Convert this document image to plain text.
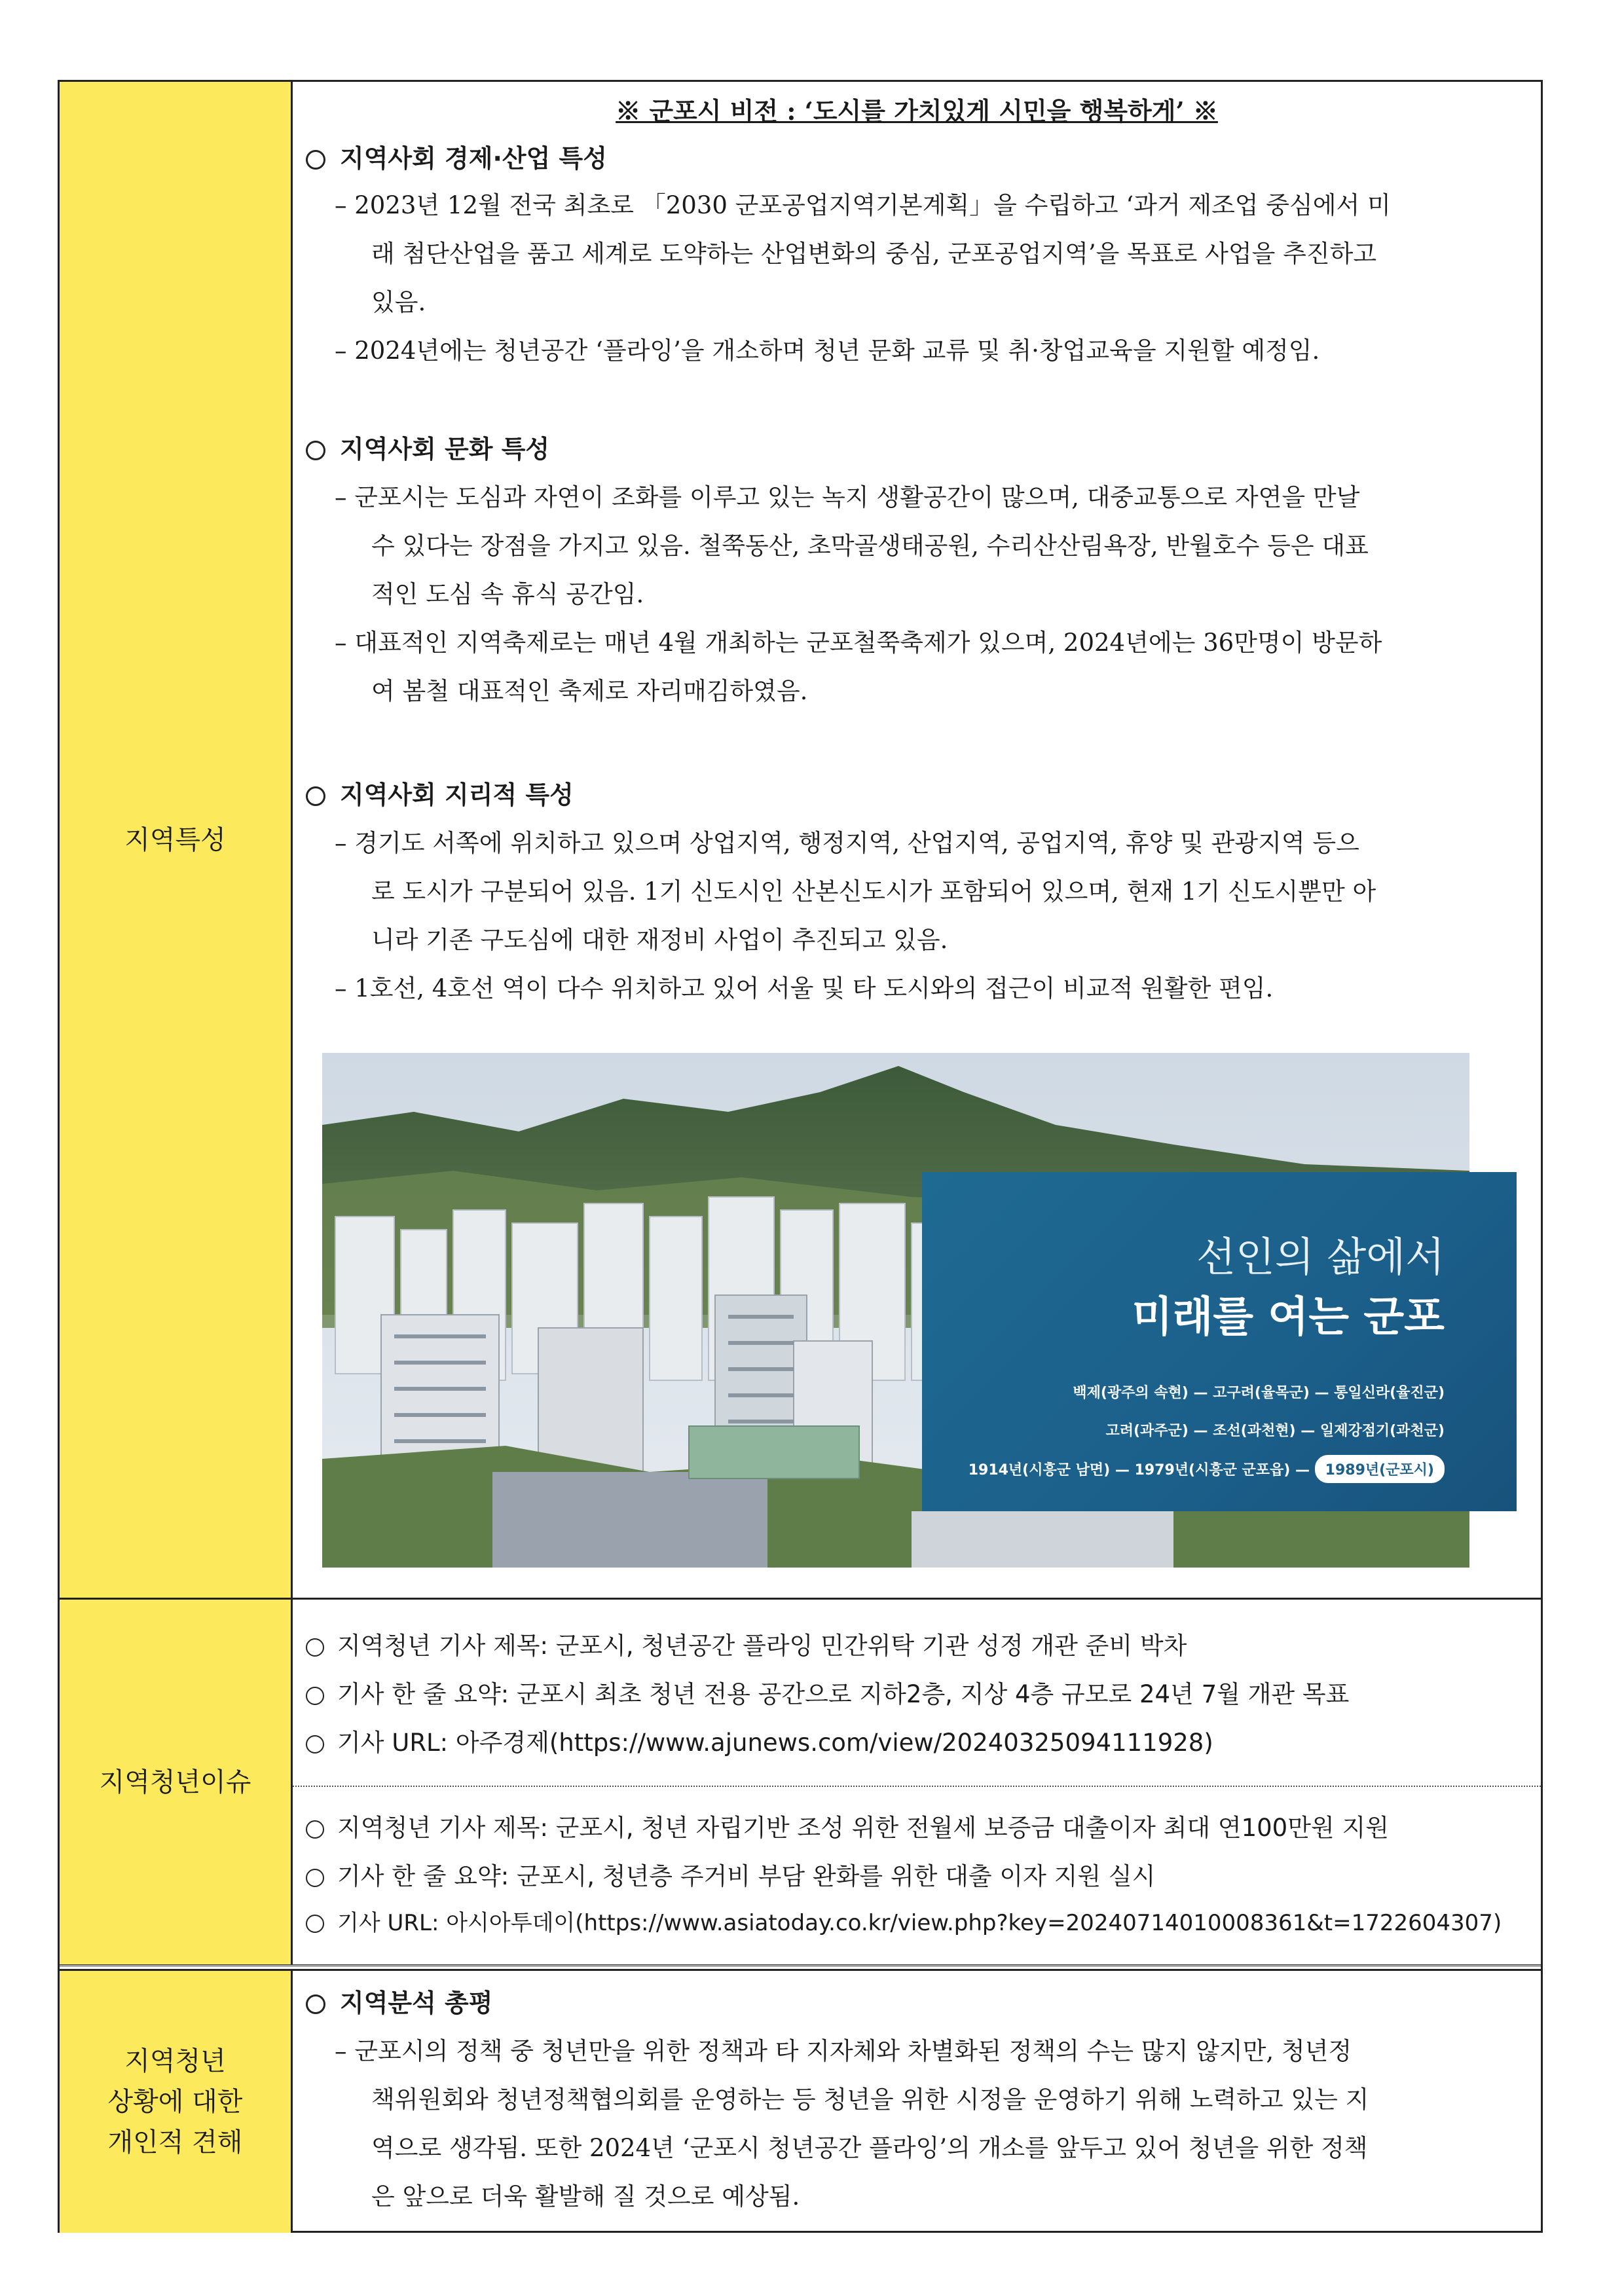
지역특성
※ 군포시 비전 : ‘도시를 가치있게 시민을 행복하게’ ※
지역사회 경제·산업 특성
– 2023년 12월 전국 최초로 「2030 군포공업지역기본계획」을 수립하고 ‘과거 제조업 중심에서 미
래 첨단산업을 품고 세계로 도약하는 산업변화의 중심, 군포공업지역’을 목표로 사업을 추진하고
있음.
– 2024년에는 청년공간 ‘플라잉’을 개소하며 청년 문화 교류 및 취·창업교육을 지원할 예정임.
지역사회 문화 특성
– 군포시는 도심과 자연이 조화를 이루고 있는 녹지 생활공간이 많으며, 대중교통으로 자연을 만날
수 있다는 장점을 가지고 있음. 철쭉동산, 초막골생태공원, 수리산산림욕장, 반월호수 등은 대표
적인 도심 속 휴식 공간임.
– 대표적인 지역축제로는 매년 4월 개최하는 군포철쭉축제가 있으며, 2024년에는 36만명이 방문하
여 봄철 대표적인 축제로 자리매김하였음.
지역사회 지리적 특성
– 경기도 서쪽에 위치하고 있으며 상업지역, 행정지역, 산업지역, 공업지역, 휴양 및 관광지역 등으
로 도시가 구분되어 있음. 1기 신도시인 산본신도시가 포함되어 있으며, 현재 1기 신도시뿐만 아
니라 기존 구도심에 대한 재정비 사업이 추진되고 있음.
– 1호선, 4호선 역이 다수 위치하고 있어 서울 및 타 도시와의 접근이 비교적 원활한 편임.
지역청년이슈
지역청년 기사 제목: 군포시, 청년공간 플라잉 민간위탁 기관 성정 개관 준비 박차
기사 한 줄 요약: 군포시 최초 청년 전용 공간으로 지하2층, 지상 4층 규모로 24년 7월 개관 목표
기사 URL: 아주경제(https://www.ajunews.com/view/20240325094111928)
지역청년 기사 제목: 군포시, 청년 자립기반 조성 위한 전월세 보증금 대출이자 최대 연100만원 지원
기사 한 줄 요약: 군포시, 청년층 주거비 부담 완화를 위한 대출 이자 지원 실시
기사 URL: 아시아투데이(https://www.asiatoday.co.kr/view.php?key=20240714010008361&t=1722604307)
지역청년
상황에 대한
개인적 견해
지역분석 총평
– 군포시의 정책 중 청년만을 위한 정책과 타 지자체와 차별화된 정책의 수는 많지 않지만, 청년정
책위원회와 청년정책협의회를 운영하는 등 청년을 위한 시정을 운영하기 위해 노력하고 있는 지
역으로 생각됨. 또한 2024년 ‘군포시 청년공간 플라잉’의 개소를 앞두고 있어 청년을 위한 정책
은 앞으로 더욱 활발해 질 것으로 예상됨.
선인의 삶에서
미래를 여는 군포
백제(광주의 속현) — 고구려(율목군) — 통일신라(율진군)
고려(과주군) — 조선(과천현) — 일제강점기(과천군)
1914년(시흥군 남면) — 1979년(시흥군 군포읍) — 1989년(군포시)
